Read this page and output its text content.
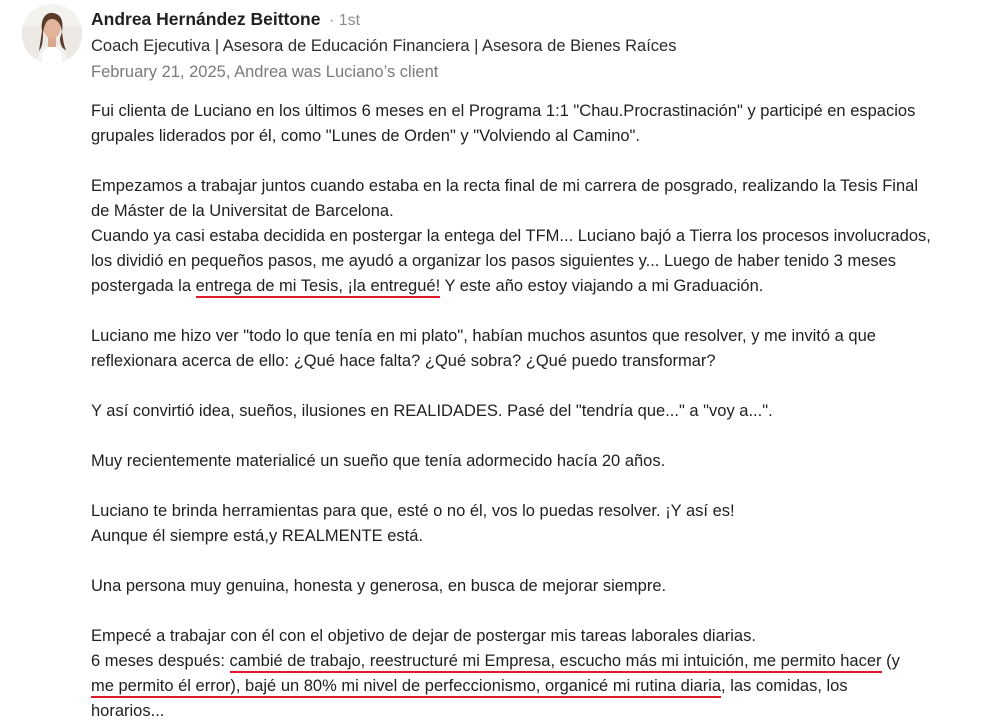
Andrea Hernández Beittone · 1st
Coach Ejecutiva | Asesora de Educación Financiera | Asesora de Bienes Raíces
February 21, 2025, Andrea was Luciano’s client

Fui clienta de Luciano en los últimos 6 meses en el Programa 1:1 "Chau.Procrastinación" y participé en espacios
grupales liderados por él, como "Lunes de Orden" y "Volviendo al Camino".

Empezamos a trabajar juntos cuando estaba en la recta final de mi carrera de posgrado, realizando la Tesis Final
de Máster de la Universitat de Barcelona.
Cuando ya casi estaba decidida en postergar la entega del TFM... Luciano bajó a Tierra los procesos involucrados,
los dividió en pequeños pasos, me ayudó a organizar los pasos siguientes y... Luego de haber tenido 3 meses
postergada la entrega de mi Tesis, ¡la entregué! Y este año estoy viajando a mi Graduación.

Luciano me hizo ver "todo lo que tenía en mi plato", habían muchos asuntos que resolver, y me invitó a que
reflexionara acerca de ello: ¿Qué hace falta? ¿Qué sobra? ¿Qué puedo transformar?

Y así convirtió idea, sueños, ilusiones en REALIDADES. Pasé del "tendría que..." a "voy a...".

Muy recientemente materialicé un sueño que tenía adormecido hacía 20 años.

Luciano te brinda herramientas para que, esté o no él, vos lo puedas resolver. ¡Y así es!
Aunque él siempre está,y REALMENTE está.

Una persona muy genuina, honesta y generosa, en busca de mejorar siempre.

Empecé a trabajar con él con el objetivo de dejar de postergar mis tareas laborales diarias.
6 meses después: cambié de trabajo, reestructuré mi Empresa, escucho más mi intuición, me permito hacer (y
me permito él error), bajé un 80% mi nivel de perfeccionismo, organicé mi rutina diaria, las comidas, los
horarios...
